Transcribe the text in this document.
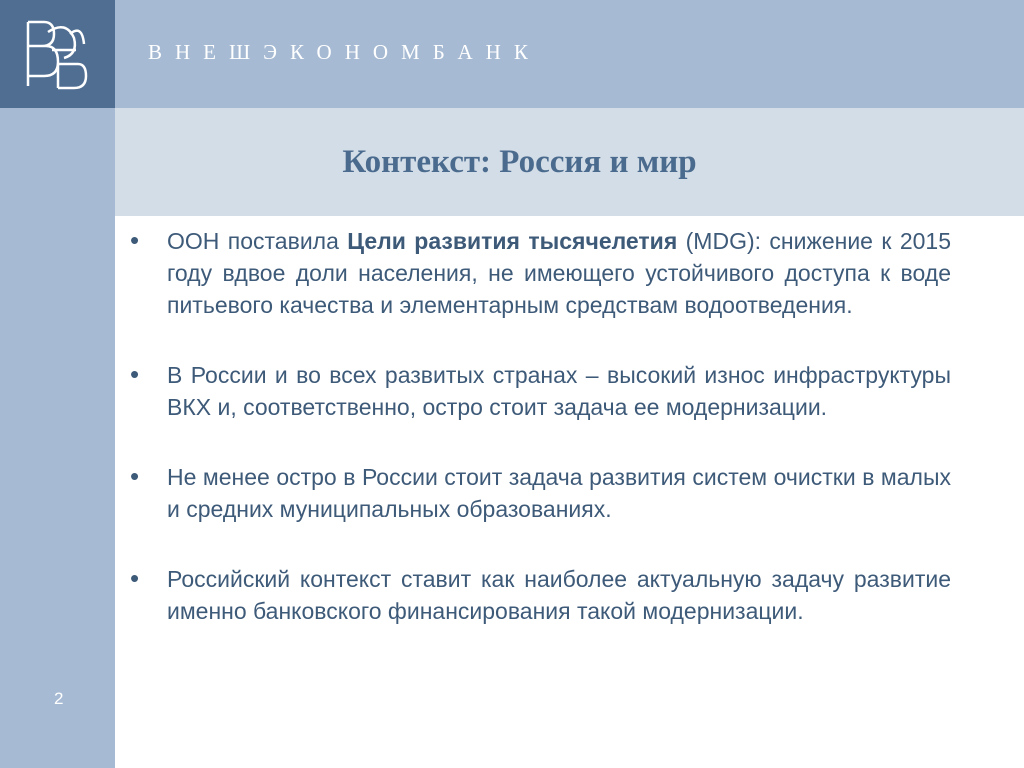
ВНЕШЭКОНОМБАНК
Контекст: Россия и мир
2
• ООН поставила Цели развития тысячелетия (MDG): снижение к 2015 году вдвое доли населения, не имеющего устойчивого доступа к воде питьевого качества и элементарным средствам водоотведения.
• В России и во всех развитых странах – высокий износ инфраструктуры ВКХ и, соответственно, остро стоит задача ее модернизации.
• Не менее остро в России стоит задача развития систем очистки в малых и средних муниципальных образованиях.
• Российский контекст ставит как наиболее актуальную задачу развитие именно банковского финансирования такой модернизации.
